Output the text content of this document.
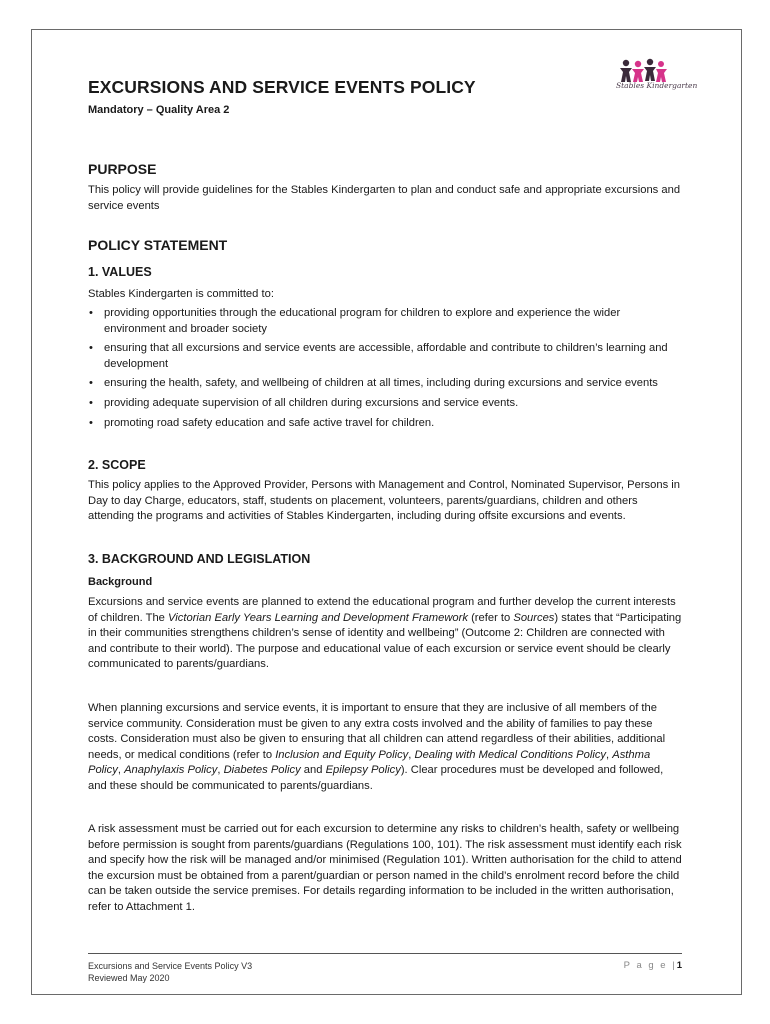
EXCURSIONS AND SERVICE EVENTS POLICY
Mandatory – Quality Area 2
Stables Kindergarten
PURPOSE

This policy will provide guidelines for the Stables Kindergarten to plan and conduct safe and appropriate excursions and service events

POLICY STATEMENT
1. VALUES

Stables Kindergarten is committed to:

• providing opportunities through the educational program for children to explore and experience the wider environment and broader society
• ensuring that all excursions and service events are accessible, affordable and contribute to children’s learning and development
• ensuring the health, safety, and wellbeing of children at all times, including during excursions and service events
• providing adequate supervision of all children during excursions and service events.
• promoting road safety education and safe active travel for children.
2. SCOPE

This policy applies to the Approved Provider, Persons with Management and Control, Nominated Supervisor, Persons in Day to day Charge, educators, staff, students on placement, volunteers, parents/guardians, children and others attending the programs and activities of Stables Kindergarten, including during offsite excursions and events.

3. BACKGROUND AND LEGISLATION
Background

Excursions and service events are planned to extend the educational program and further develop the current interests of children. The Victorian Early Years Learning and Development Framework (refer to Sources) states that “Participating in their communities strengthens children’s sense of identity and wellbeing” (Outcome 2: Children are connected with and contribute to their world). The purpose and educational value of each excursion or service event should be clearly communicated to parents/guardians.

When planning excursions and service events, it is important to ensure that they are inclusive of all members of the service community. Consideration must be given to any extra costs involved and the ability of families to pay these costs. Consideration must also be given to ensuring that all children can attend regardless of their abilities, additional needs, or medical conditions (refer to Inclusion and Equity Policy, Dealing with Medical Conditions Policy, Asthma Policy, Anaphylaxis Policy, Diabetes Policy and Epilepsy Policy). Clear procedures must be developed and followed, and these should be communicated to parents/guardians.

A risk assessment must be carried out for each excursion to determine any risks to children’s health, safety or wellbeing before permission is sought from parents/guardians (Regulations 100, 101). The risk assessment must identify each risk and specify how the risk will be managed and/or minimised (Regulation 101). Written authorisation for the child to attend the excursion must be obtained from a parent/guardian or person named in the child’s enrolment record before the child can be taken outside the service premises. For details regarding information to be included in the written authorisation, refer to Attachment 1.

Excursions and Service Events Policy V3
Reviewed May 2020
P a g e |1
